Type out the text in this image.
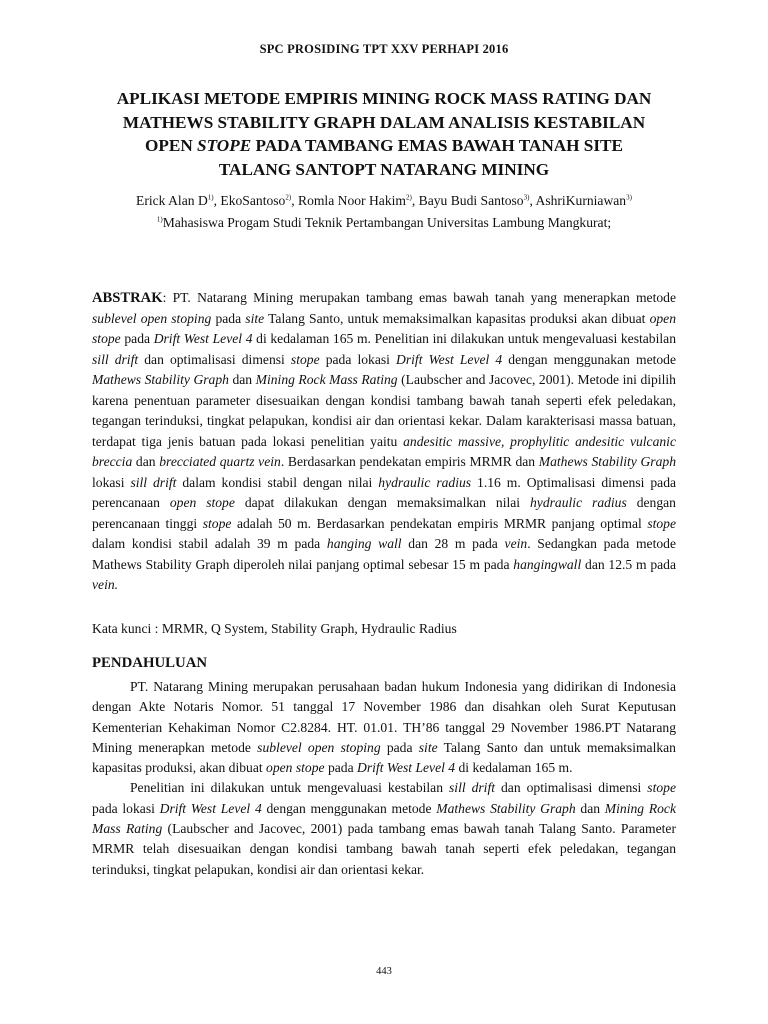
SPC PROSIDING TPT XXV PERHAPI 2016
APLIKASI METODE EMPIRIS MINING ROCK MASS RATING DAN
MATHEWS STABILITY GRAPH DALAM ANALISIS KESTABILAN
OPEN STOPE PADA TAMBANG EMAS BAWAH TANAH SITE
TALANG SANTOPT NATARANG MINING
Erick Alan $D^{1)}$, EkoSantoso$^{2)}$, Romla Noor Hakim$^{2)}$, Bayu Budi Santoso$^{3)}$, AshriKurniawan$^{3)}$
$^{1)}$Mahasiswa Progam Studi Teknik Pertambangan Universitas Lambung Mangkurat;
ABSTRAK: PT. Natarang Mining merupakan tambang emas bawah tanah yang menerapkan metode sublevel open stoping pada site Talang Santo, untuk memaksimalkan kapasitas produksi akan dibuat open stope pada Drift West Level 4 di kedalaman 165 m. Penelitian ini dilakukan untuk mengevaluasi kestabilan sill drift dan optimalisasi dimensi stope pada lokasi Drift West Level 4 dengan menggunakan metode Mathews Stability Graph dan Mining Rock Mass Rating (Laubscher and Jacovec, 2001). Metode ini dipilih karena penentuan parameter disesuaikan dengan kondisi tambang bawah tanah seperti efek peledakan, tegangan terinduksi, tingkat pelapukan, kondisi air dan orientasi kekar. Dalam karakterisasi massa batuan, terdapat tiga jenis batuan pada lokasi penelitian yaitu andesitic massive, prophylitic andesitic vulcanic breccia dan brecciated quartz vein. Berdasarkan pendekatan empiris MRMR dan Mathews Stability Graph lokasi sill drift dalam kondisi stabil dengan nilai hydraulic radius 1.16 m. Optimalisasi dimensi pada perencanaan open stope dapat dilakukan dengan memaksimalkan nilai hydraulic radius dengan perencanaan tinggi stope adalah 50 m. Berdasarkan pendekatan empiris MRMR panjang optimal stope dalam kondisi stabil adalah 39 m pada hanging wall dan 28 m pada vein. Sedangkan pada metode Mathews Stability Graph diperoleh nilai panjang optimal sebesar 15 m pada hangingwall dan 12.5 m pada vein.
Kata kunci : MRMR, Q System, Stability Graph, Hydraulic Radius
PENDAHULUAN

PT. Natarang Mining merupakan perusahaan badan hukum Indonesia yang didirikan di Indonesia dengan Akte Notaris Nomor. 51 tanggal 17 November 1986 dan disahkan oleh Surat Keputusan Kementerian Kehakiman Nomor C2.8284. HT. 01.01. TH’86 tanggal 29 November 1986.PT Natarang Mining menerapkan metode sublevel open stoping pada site Talang Santo dan untuk memaksimalkan kapasitas produksi, akan dibuat open stope pada Drift West Level 4 di kedalaman 165 m.

Penelitian ini dilakukan untuk mengevaluasi kestabilan sill drift dan optimalisasi dimensi stope pada lokasi Drift West Level 4 dengan menggunakan metode Mathews Stability Graph dan Mining Rock Mass Rating (Laubscher and Jacovec, 2001) pada tambang emas bawah tanah Talang Santo. Parameter MRMR telah disesuaikan dengan kondisi tambang bawah tanah seperti efek peledakan, tegangan terinduksi, tingkat pelapukan, kondisi air dan orientasi kekar.

443
